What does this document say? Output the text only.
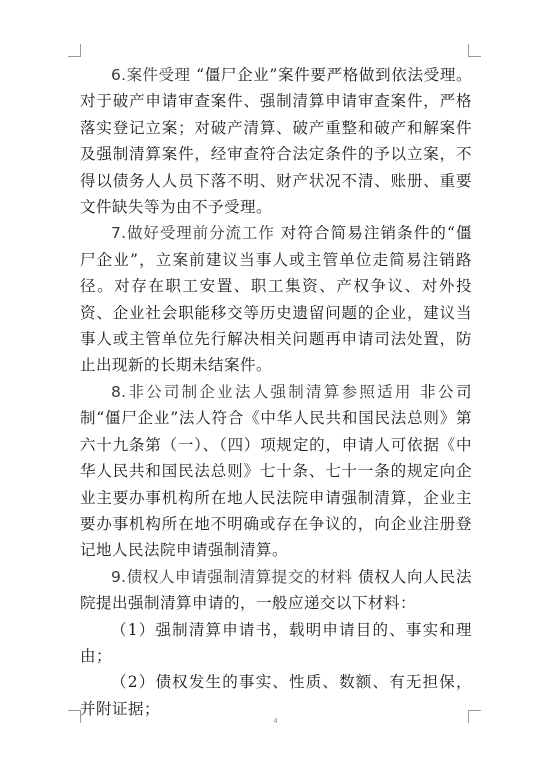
6.案件受理 “僵尸企业”案件要严格做到依法受理。对于破产申请审查案件、强制清算申请审查案件，严格落实登记立案；对破产清算、破产重整和破产和解案件及强制清算案件，经审查符合法定条件的予以立案，不得以债务人人员下落不明、财产状况不清、账册、重要文件缺失等为由不予受理。

7.做好受理前分流工作 对符合简易注销条件的“僵尸企业”，立案前建议当事人或主管单位走简易注销路径。对存在职工安置、职工集资、产权争议、对外投资、企业社会职能移交等历史遗留问题的企业，建议当事人或主管单位先行解决相关问题再申请司法处置，防止出现新的长期未结案件。

8.非公司制企业法人强制清算参照适用 非公司制“僵尸企业”法人符合《中华人民共和国民法总则》第六十九条第（一）、（四）项规定的，申请人可依据《中华人民共和国民法总则》七十条、七十一条的规定向企业主要办事机构所在地人民法院申请强制清算，企业主要办事机构所在地不明确或存在争议的，向企业注册登记地人民法院申请强制清算。

9.债权人申请强制清算提交的材料 债权人向人民法院提出强制清算申请的，一般应递交以下材料：

（1）强制清算申请书，载明申请目的、事实和理由；

（2）债权发生的事实、性质、数额、有无担保，并附证据；

4
